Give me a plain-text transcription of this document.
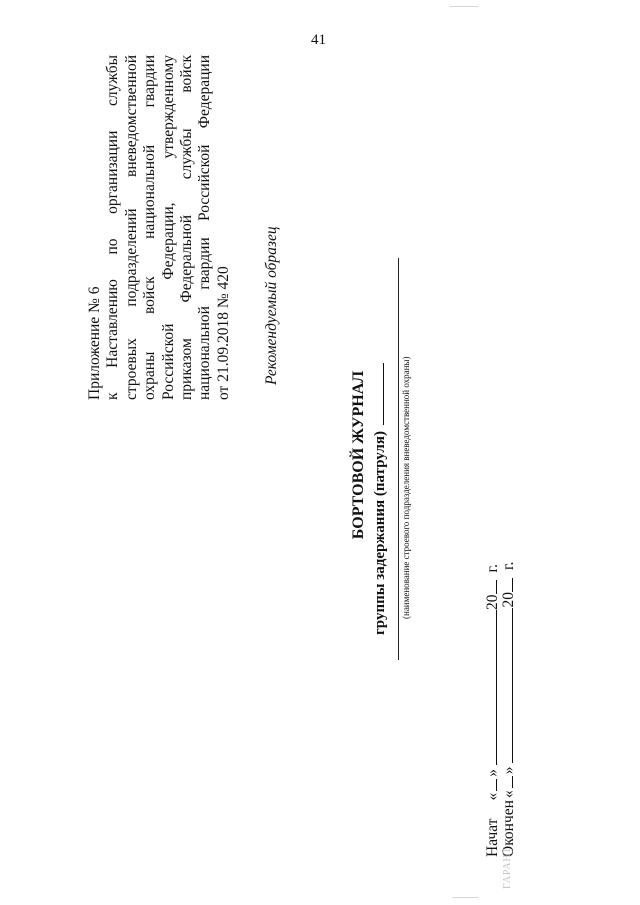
41
Приложение № 6 к Наставлению по организации службы строевых подразделений вневедомственной охраны войск национальной гвардии Российской Федерации, утвержденному приказом Федеральной службы войск национальной гвардии Российской Федерации от 21.09.2018 № 420 Рекомендуемый образец
БОРТОВОЙ ЖУРНАЛ группы задержания (патруля) (наименование строевого подразделения вневедомственной охраны)
Начат
«
»
20
г.
Окончен
«
»
20
г.
ГАРАНТ
